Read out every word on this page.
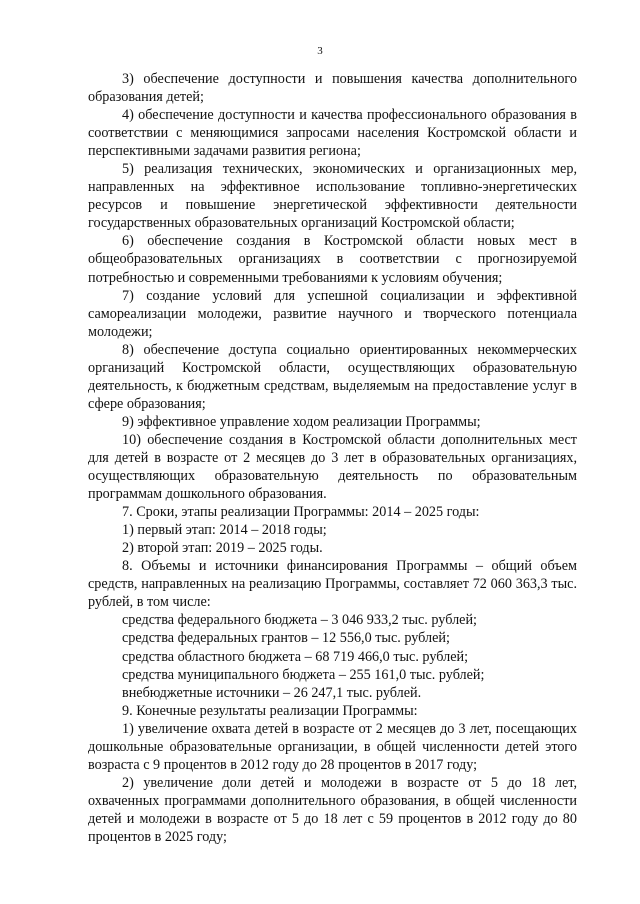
3

3) обеспечение доступности и повышения качества дополнительного образования детей;

4) обеспечение доступности и качества профессионального образования в соответствии с меняющимися запросами населения Костромской области и перспективными задачами развития региона;

5) реализация технических, экономических и организационных мер, направленных на эффективное использование топливно-энергетических ресурсов и повышение энергетической эффективности деятельности государственных образовательных организаций Костромской области;

6) обеспечение создания в Костромской области новых мест в общеобразовательных организациях в соответствии с прогнозируемой потребностью и современными требованиями к условиям обучения;

7) создание условий для успешной социализации и эффективной самореализации молодежи, развитие научного и творческого потенциала молодежи;

8) обеспечение доступа социально ориентированных некоммерческих организаций Костромской области, осуществляющих образовательную деятельность, к бюджетным средствам, выделяемым на предоставление услуг в сфере образования;

9) эффективное управление ходом реализации Программы;

10) обеспечение создания в Костромской области дополнительных мест для детей в возрасте от 2 месяцев до 3 лет в образовательных организациях, осуществляющих образовательную деятельность по образовательным программам дошкольного образования.

7. Сроки, этапы реализации Программы: 2014 – 2025 годы:

1) первый этап: 2014 – 2018 годы;

2) второй этап: 2019 – 2025 годы.

8. Объемы и источники финансирования Программы – общий объем средств, направленных на реализацию Программы, составляет 72 060 363,3 тыс. рублей, в том числе:

средства федерального бюджета – 3 046 933,2 тыс. рублей;

средства федеральных грантов – 12 556,0 тыс. рублей;

средства областного бюджета – 68 719 466,0 тыс. рублей;

средства муниципального бюджета – 255 161,0 тыс. рублей;

внебюджетные источники – 26 247,1 тыс. рублей.

9. Конечные результаты реализации Программы:

1) увеличение охвата детей в возрасте от 2 месяцев до 3 лет, посещающих дошкольные образовательные организации, в общей численности детей этого возраста с 9 процентов в 2012 году до 28 процентов в 2017 году;

2) увеличение доли детей и молодежи в возрасте от 5 до 18 лет, охваченных программами дополнительного образования, в общей численности детей и молодежи в возрасте от 5 до 18 лет с 59 процентов в 2012 году до 80 процентов в 2025 году;
